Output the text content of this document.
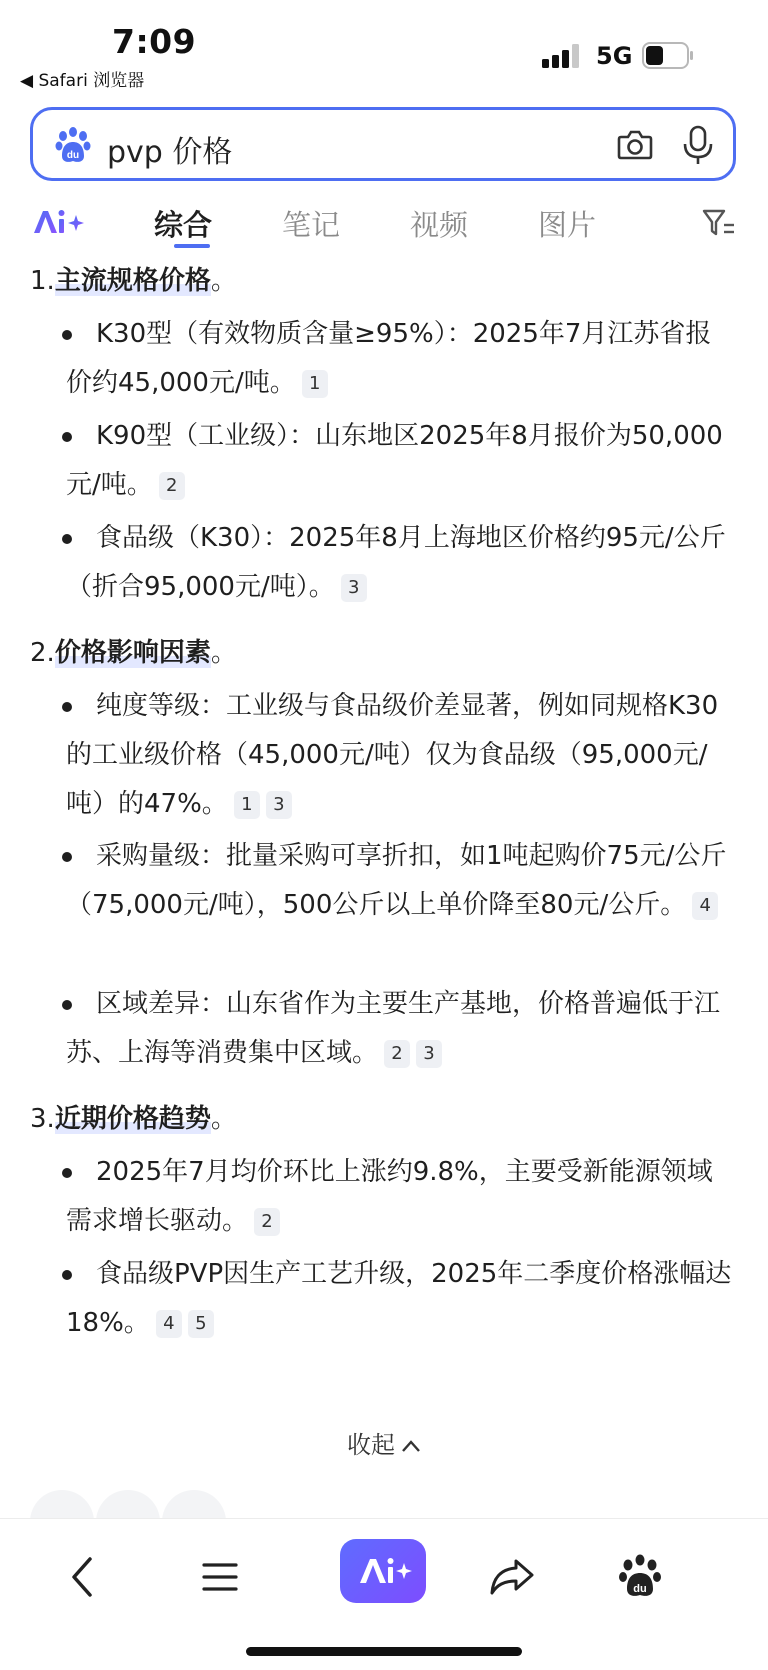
7:09
◀ Safari 浏览器
5G
du pvp 价格
综合 笔记 视频 图片
1.主流规格价格。
K30型（有效物质含量≥95%）：2025年7月江苏省报价约45,000元/吨。 1
K90型（工业级）：山东地区2025年8月报价为50,000元/吨。 2
食品级（K30）：2025年8月上海地区价格约95元/公斤（折合95,000元/吨）。 3
2.价格影响因素。
纯度等级：工业级与食品级价差显著，例如同规格K30的工业级价格（45,000元/吨）仅为食品级（95,000元/吨）的47%。 1 3
采购量级：批量采购可享折扣，如1吨起购价75元/公斤（75,000元/吨），500公斤以上单价降至80元/公斤。 4
区域差异：山东省作为主要生产基地，价格普遍低于江苏、上海等消费集中区域。 2 3
3.近期价格趋势。
2025年7月均价环比上涨约9.8%，主要受新能源领域需求增长驱动。 2
食品级PVP因生产工艺升级，2025年二季度价格涨幅达18%。 4 5
收起
du
